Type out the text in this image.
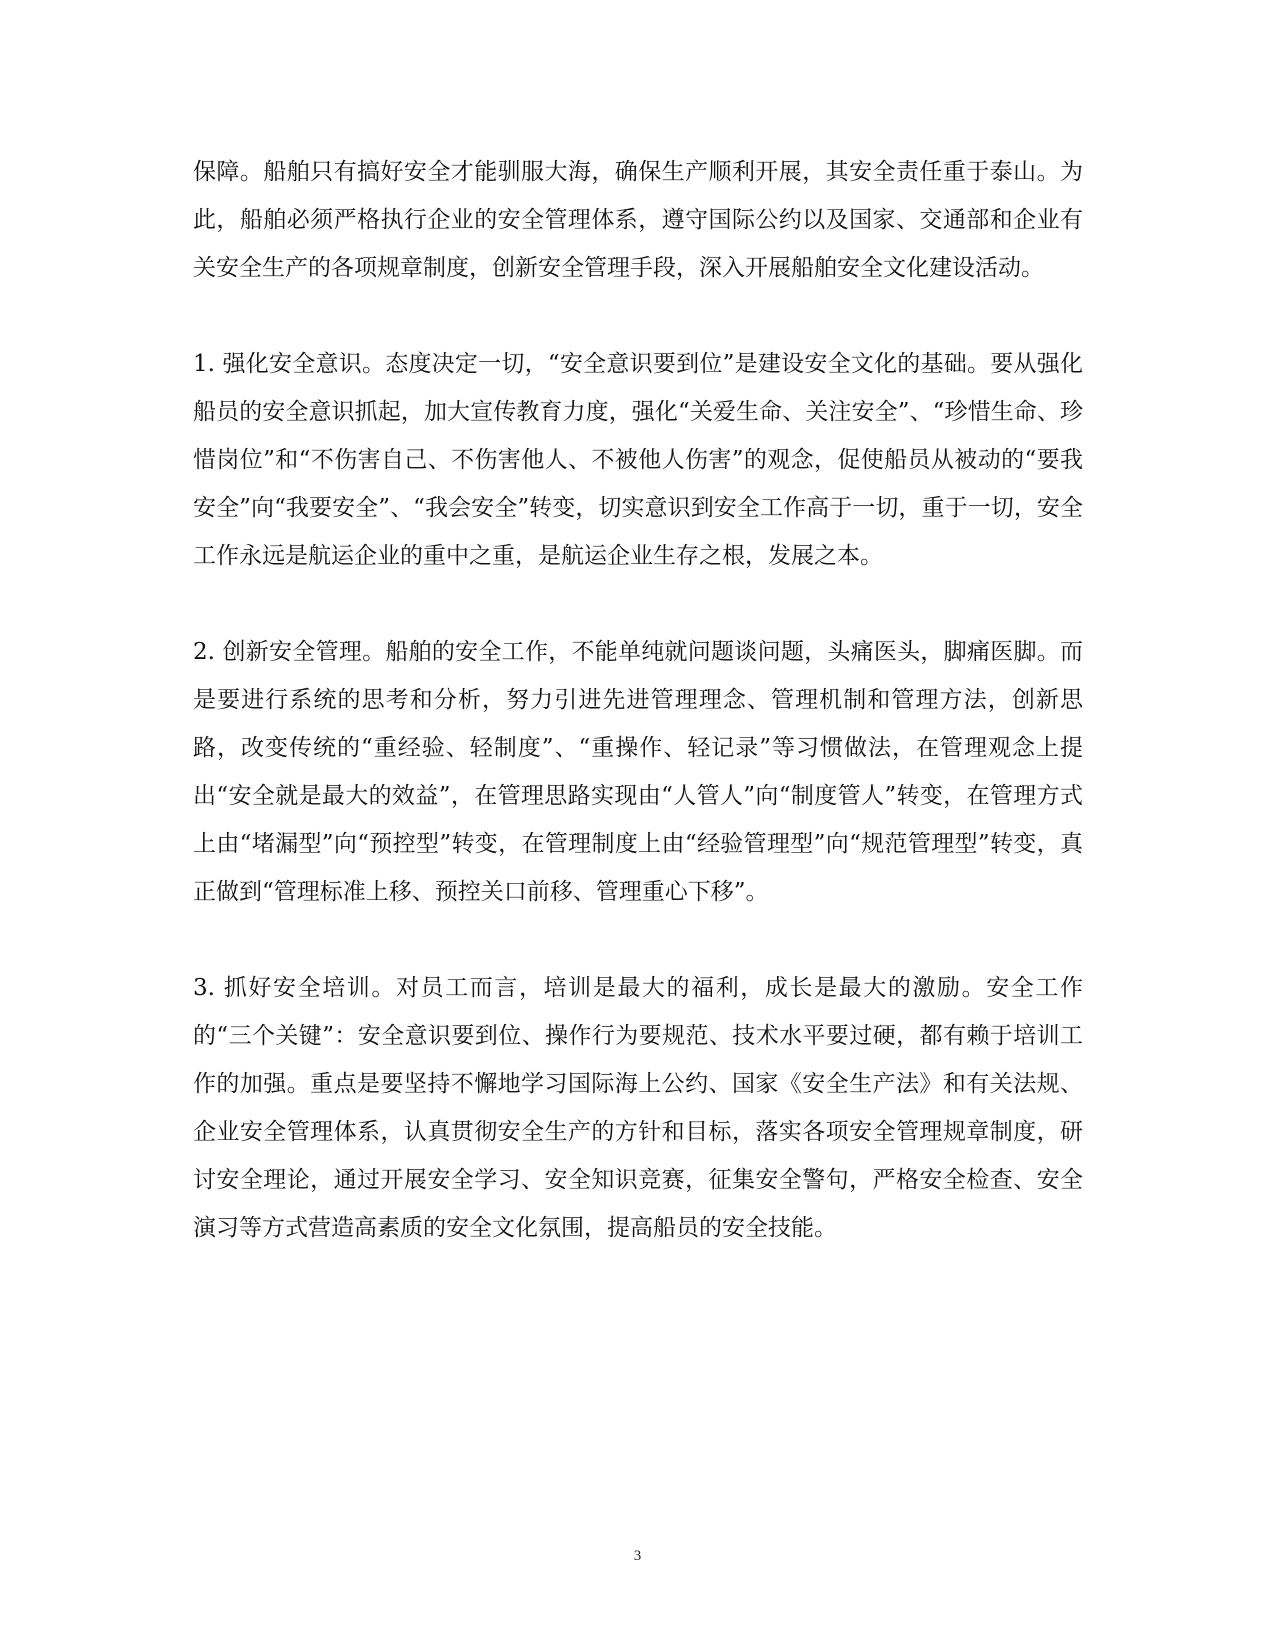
保障。船舶只有搞好安全才能驯服大海，确保生产顺利开展，其安全责任重于泰山。为此，船舶必须严格执行企业的安全管理体系，遵守国际公约以及国家、交通部和企业有关安全生产的各项规章制度，创新安全管理手段，深入开展船舶安全文化建设活动。

1. 强化安全意识。态度决定一切，“安全意识要到位”是建设安全文化的基础。要从强化船员的安全意识抓起，加大宣传教育力度，强化“关爱生命、关注安全”、“珍惜生命、珍惜岗位”和“不伤害自己、不伤害他人、不被他人伤害”的观念，促使船员从被动的“要我安全”向“我要安全”、“我会安全”转变，切实意识到安全工作高于一切，重于一切，安全工作永远是航运企业的重中之重，是航运企业生存之根，发展之本。

2. 创新安全管理。船舶的安全工作，不能单纯就问题谈问题，头痛医头，脚痛医脚。而是要进行系统的思考和分析，努力引进先进管理理念、管理机制和管理方法，创新思路，改变传统的“重经验、轻制度”、“重操作、轻记录”等习惯做法，在管理观念上提出“安全就是最大的效益”，在管理思路实现由“人管人”向“制度管人”转变，在管理方式上由“堵漏型”向“预控型”转变，在管理制度上由“经验管理型”向“规范管理型”转变，真正做到“管理标准上移、预控关口前移、管理重心下移”。

3. 抓好安全培训。对员工而言，培训是最大的福利，成长是最大的激励。安全工作的“三个关键”：安全意识要到位、操作行为要规范、技术水平要过硬，都有赖于培训工作的加强。重点是要坚持不懈地学习国际海上公约、国家《安全生产法》和有关法规、企业安全管理体系，认真贯彻安全生产的方针和目标，落实各项安全管理规章制度，研讨安全理论，通过开展安全学习、安全知识竞赛，征集安全警句，严格安全检查、安全演习等方式营造高素质的安全文化氛围，提高船员的安全技能。

3
